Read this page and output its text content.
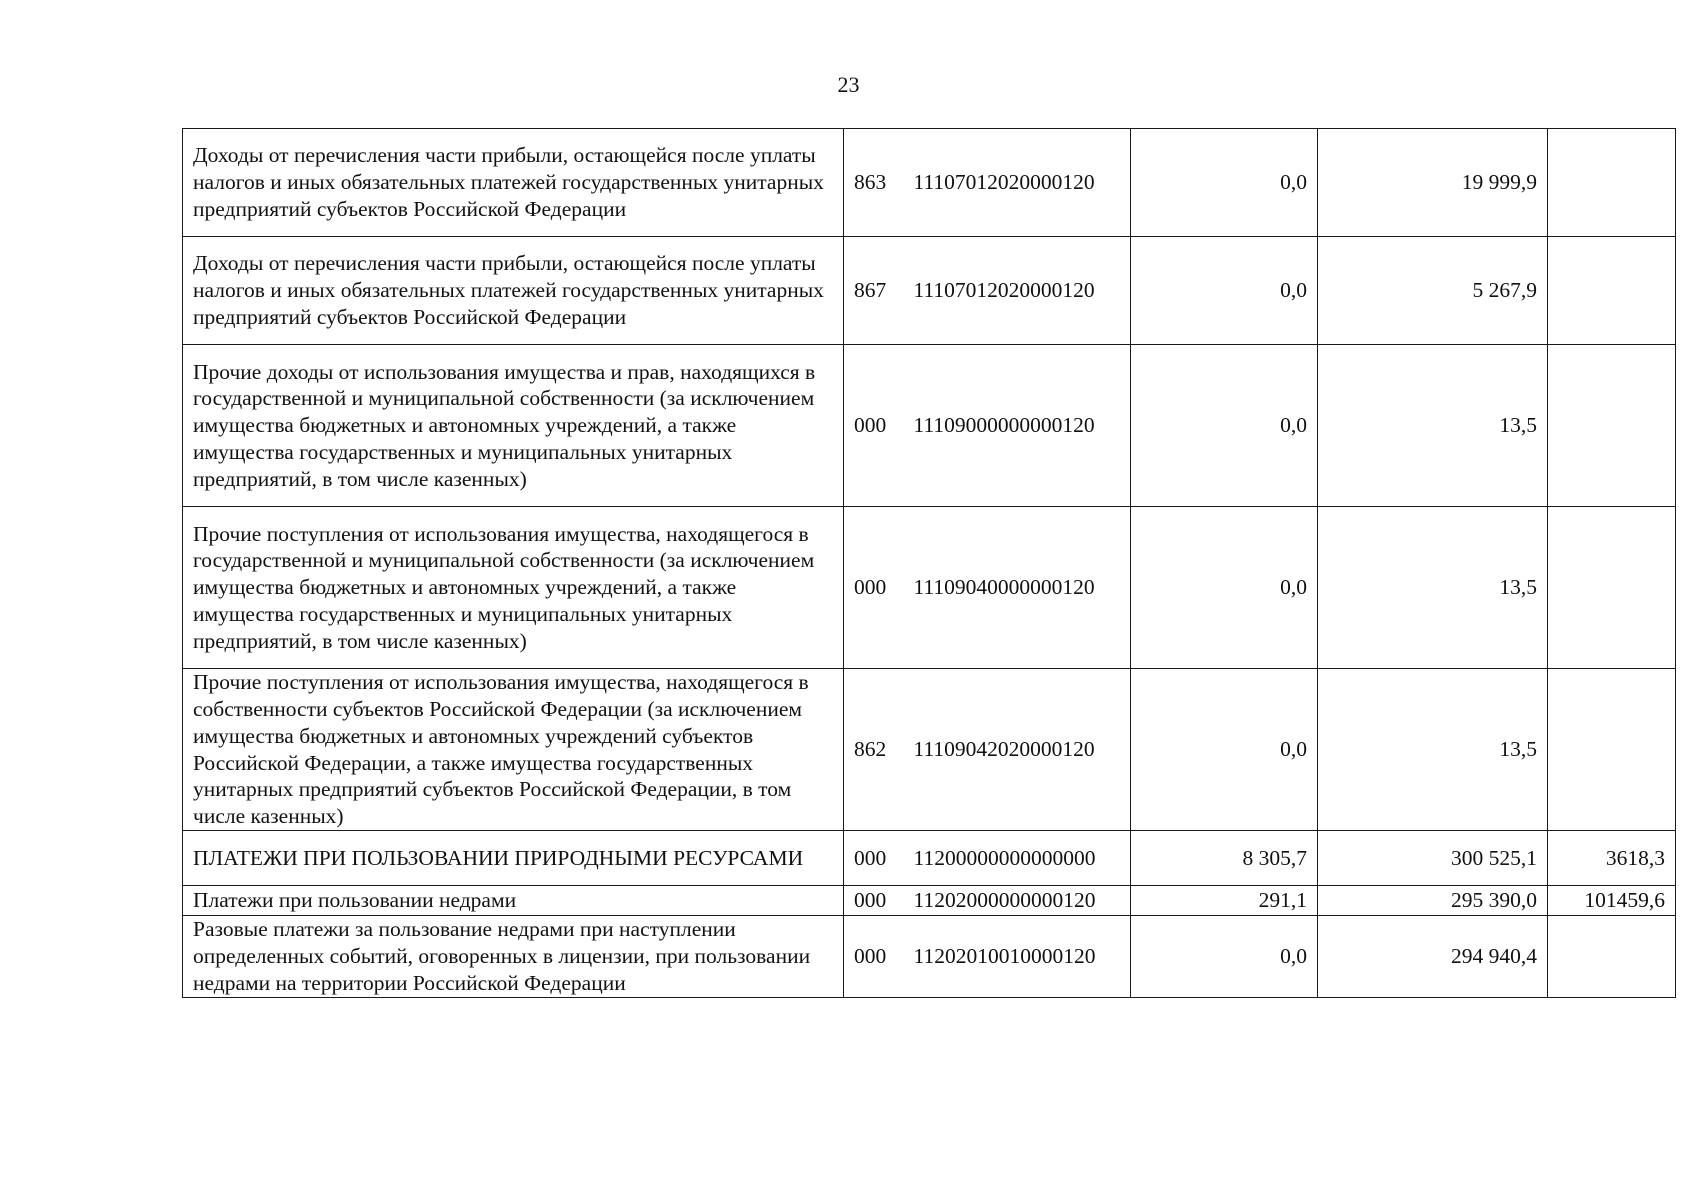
23
Доходы от перечисления части прибыли, остающейся после уплаты налогов и иных обязательных платежей государственных унитарных предприятий субъектов Российской Федерации	863	11107012020000120	0,0	19 999,9	
Доходы от перечисления части прибыли, остающейся после уплаты налогов и иных обязательных платежей государственных унитарных предприятий субъектов Российской Федерации	867	11107012020000120	0,0	5 267,9	
Прочие доходы от использования имущества и прав, находящихся в государственной и муниципальной собственности (за исключением имущества бюджетных и автономных учреждений, а также имущества государственных и муниципальных унитарных предприятий, в том числе казенных)	000	11109000000000120	0,0	13,5	
Прочие поступления от использования имущества, находящегося в государственной и муниципальной собственности (за исключением имущества бюджетных и автономных учреждений, а также имущества государственных и муниципальных унитарных предприятий, в том числе казенных)	000	11109040000000120	0,0	13,5	
Прочие поступления от использования имущества, находящегося в собственности субъектов Российской Федерации (за исключением имущества бюджетных и автономных учреждений субъектов Российской Федерации, а также имущества государственных унитарных предприятий субъектов Российской Федерации, в том числе казенных)	862	11109042020000120	0,0	13,5	
ПЛАТЕЖИ ПРИ ПОЛЬЗОВАНИИ ПРИРОДНЫМИ РЕСУРСАМИ	000	11200000000000000	8 305,7	300 525,1	3618,3
Платежи при пользовании недрами	000	11202000000000120	291,1	295 390,0	101459,6
Разовые платежи за пользование недрами при наступлении определенных событий, оговоренных в лицензии, при пользовании недрами на территории Российской Федерации	000	11202010010000120	0,0	294 940,4	
